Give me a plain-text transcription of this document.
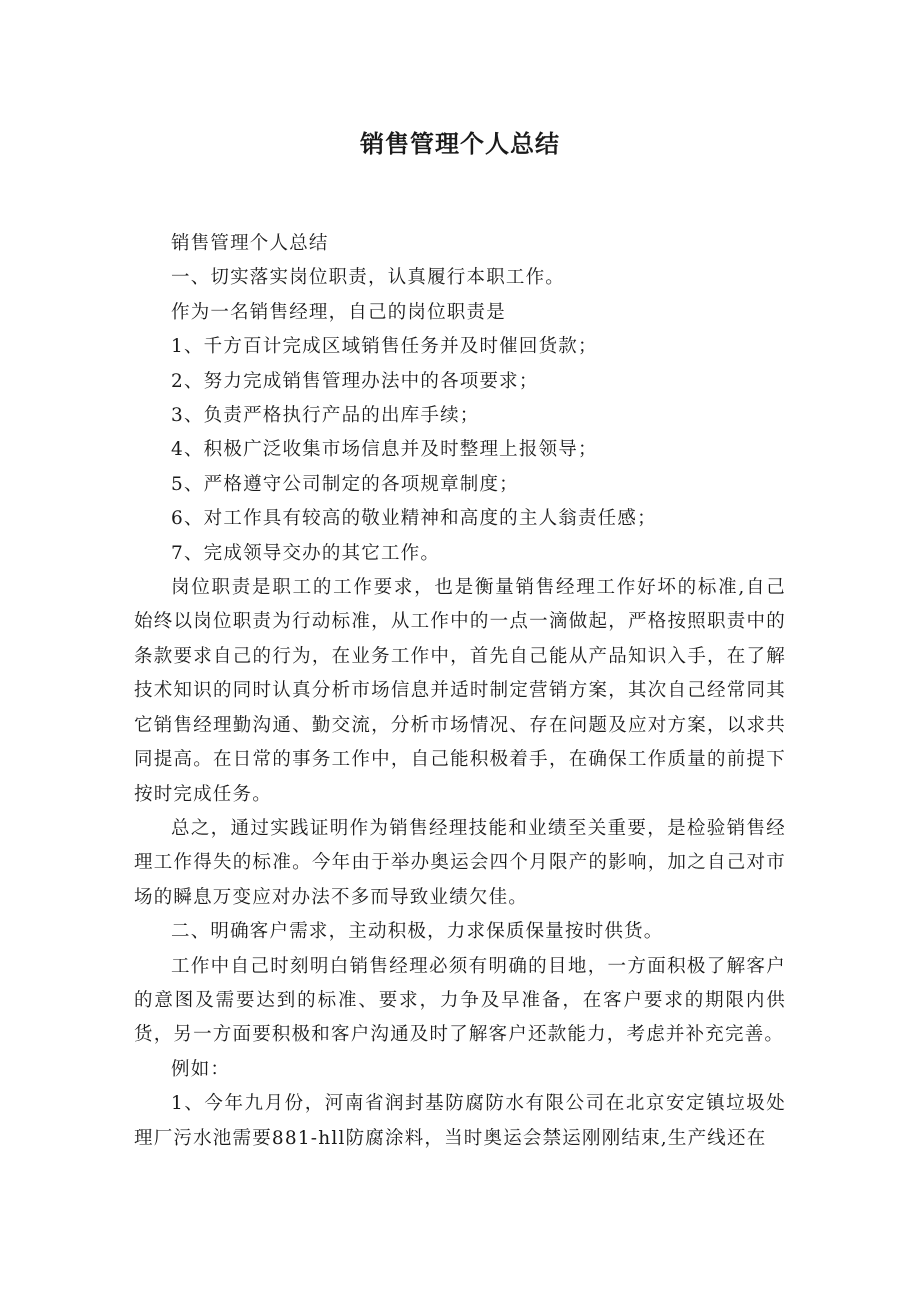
销售管理个人总结

销售管理个人总结

一、切实落实岗位职责，认真履行本职工作。

作为一名销售经理，自己的岗位职责是

1、千方百计完成区域销售任务并及时催回货款；

2、努力完成销售管理办法中的各项要求；

3、负责严格执行产品的出库手续；

4、积极广泛收集市场信息并及时整理上报领导；

5、严格遵守公司制定的各项规章制度；

6、对工作具有较高的敬业精神和高度的主人翁责任感；

7、完成领导交办的其它工作。

岗位职责是职工的工作要求，也是衡量销售经理工作好坏的标准,自己始终以岗位职责为行动标准，从工作中的一点一滴做起，严格按照职责中的条款要求自己的行为，在业务工作中，首先自己能从产品知识入手，在了解技术知识的同时认真分析市场信息并适时制定营销方案，其次自己经常同其它销售经理勤沟通、勤交流，分析市场情况、存在问题及应对方案，以求共同提高。在日常的事务工作中，自己能积极着手，在确保工作质量的前提下按时完成任务。

总之，通过实践证明作为销售经理技能和业绩至关重要，是检验销售经理工作得失的标准。今年由于举办奥运会四个月限产的影响，加之自己对市场的瞬息万变应对办法不多而导致业绩欠佳。

二、明确客户需求，主动积极，力求保质保量按时供货。

工作中自己时刻明白销售经理必须有明确的目地，一方面积极了解客户的意图及需要达到的标准、要求，力争及早准备，在客户要求的期限内供货，另一方面要积极和客户沟通及时了解客户还款能力，考虑并补充完善。

例如：

1、今年九月份，河南省润封基防腐防水有限公司在北京安定镇垃圾处理厂污水池需要881-hll防腐涂料，当时奥运会禁运刚刚结束,生产线还在
